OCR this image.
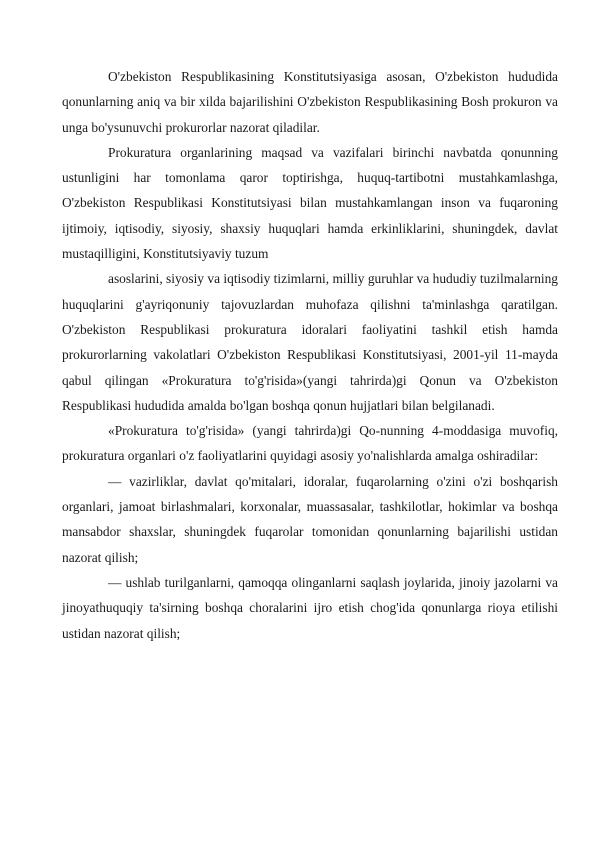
O'zbekiston Respublikasining Konstitutsiyasiga asosan, O'zbekiston hududida qonunlarning aniq va bir xilda bajarilishini O'zbekiston Respublikasining Bosh prokuron va unga bo'ysunuvchi prokurorlar nazorat qiladilar.

Prokuratura organlarining maqsad va vazifalari birinchi navbatda qonunning ustunligini har tomonlama qaror toptirishga, huquq-tartibotni mustahkamlashga, O'zbekiston Respublikasi Konstitutsiyasi bilan mustahkamlangan inson va fuqaroning ijtimoiy, iqtisodiy, siyosiy, shaxsiy huquqlari hamda erkinliklarini, shuningdek, davlat mustaqilligini, Konstitutsiyaviy tuzum

asoslarini, siyosiy va iqtisodiy tizimlarni, milliy guruhlar va hududiy tuzilmalarning huquqlarini g'ayriqonuniy tajovuzlardan muhofaza qilishni ta'minlashga qaratilgan. O'zbekiston Respublikasi prokuratura idoralari faoliyatini tashkil etish hamda prokurorlarning vakolatlari O'zbekiston Respublikasi Konstitutsiyasi, 2001-yil 11-mayda qabul qilingan «Prokuratura to'g'risida»(yangi tahrirda)gi Qonun va O'zbekiston Respublikasi hududida amalda bo'lgan boshqa qonun hujjatlari bilan belgilanadi.

«Prokuratura to'g'risida» (yangi tahrirda)gi Qo-nunning 4-moddasiga muvofiq, prokuratura organlari o'z faoliyatlarini quyidagi asosiy yo'nalishlarda amalga oshiradilar:

— vazirliklar, davlat qo'mitalari, idoralar, fuqarolarning o'zini o'zi boshqarish organlari, jamoat birlashmalari, korxonalar, muassasalar, tashkilotlar, hokimlar va boshqa mansabdor shaxslar, shuningdek fuqarolar tomonidan qonunlarning bajarilishi ustidan nazorat qilish;

— ushlab turilganlarni, qamoqqa olinganlarni saqlash joylarida, jinoiy jazolarni va jinoyathuquqiy ta'sirning boshqa choralarini ijro etish chog'ida qonunlarga rioya etilishi ustidan nazorat qilish;
